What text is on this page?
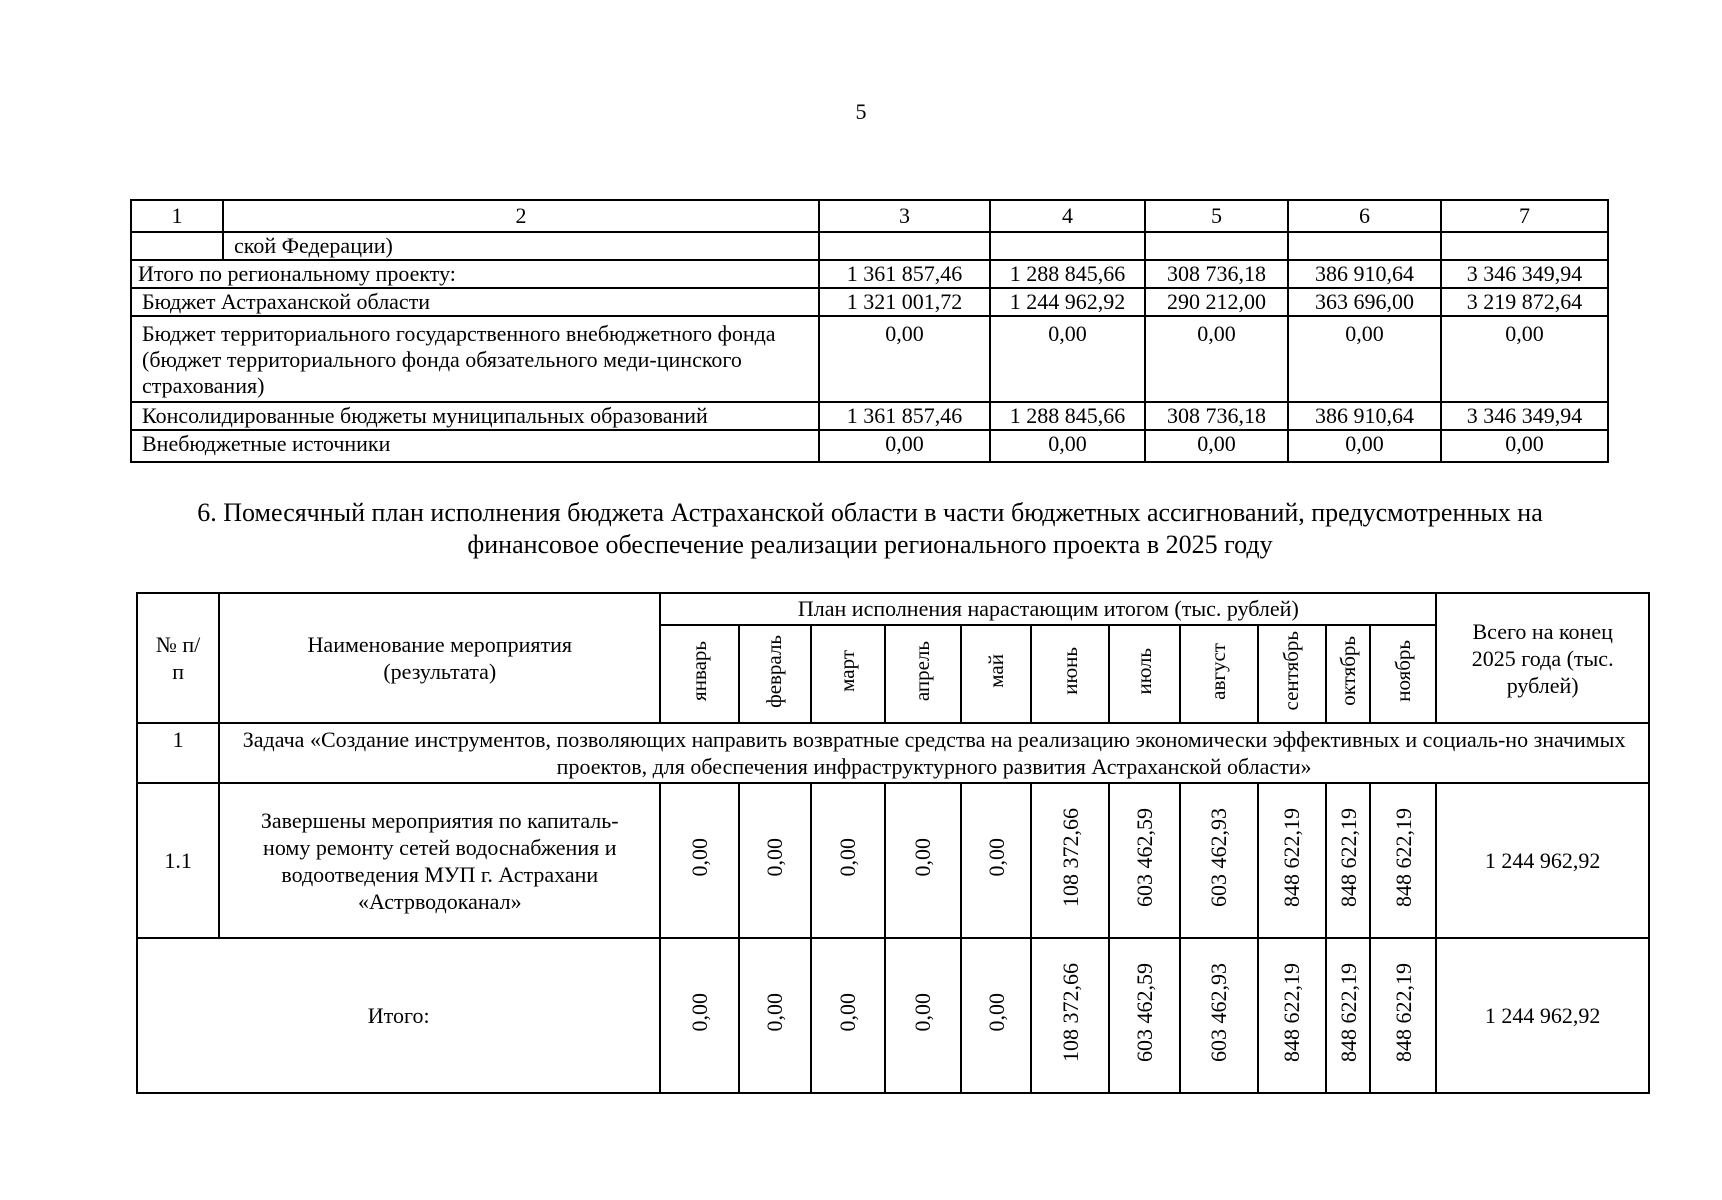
5
1	2	3	4	5	6	7
	ской Федерации)					
Итого по региональному проекту:		1 361 857,46	1 288 845,66	308 736,18	386 910,64	3 346 349,94
Бюджет Астраханской области		1 321 001,72	1 244 962,92	290 212,00	363 696,00	3 219 872,64
Бюджет территориального государственного внебюджетного фонда (бюджет территориального фонда обязательного меди-цинского страхования)		0,00	0,00	0,00	0,00	0,00
Консолидированные бюджеты муниципальных образований		1 361 857,46	1 288 845,66	308 736,18	386 910,64	3 346 349,94
Внебюджетные источники		0,00	0,00	0,00	0,00	0,00
6. Помесячный план исполнения бюджета Астраханской области в части бюджетных ассигнований, предусмотренных на
финансовое обеспечение реализации регионального проекта в 2025 году
№ п/п	Наименование мероприятия (результата)	План исполнения нарастающим итогом (тыс. рублей)											Всего на конец 2025 года (тыс. рублей)
		январь	февраль	март	апрель	май	июнь	июль	август	сентябрь	октябрь	ноябрь	
1	Задача «Создание инструментов, позволяющих направить возвратные средства на реализацию экономически эффективных и социаль-но значимых проектов, для обеспечения инфраструктурного развития Астраханской области»												
1.1	Завершены мероприятия по капиталь-ному ремонту сетей водоснабжения и водоотведения МУП г. Астрахани «Астрводоканал»	0,00	0,00	0,00	0,00	0,00	108 372,66	603 462,59	603 462,93	848 622,19	848 622,19	848 622,19	1 244 962,92
Итого:		0,00	0,00	0,00	0,00	0,00	108 372,66	603 462,59	603 462,93	848 622,19	848 622,19	848 622,19	1 244 962,92
